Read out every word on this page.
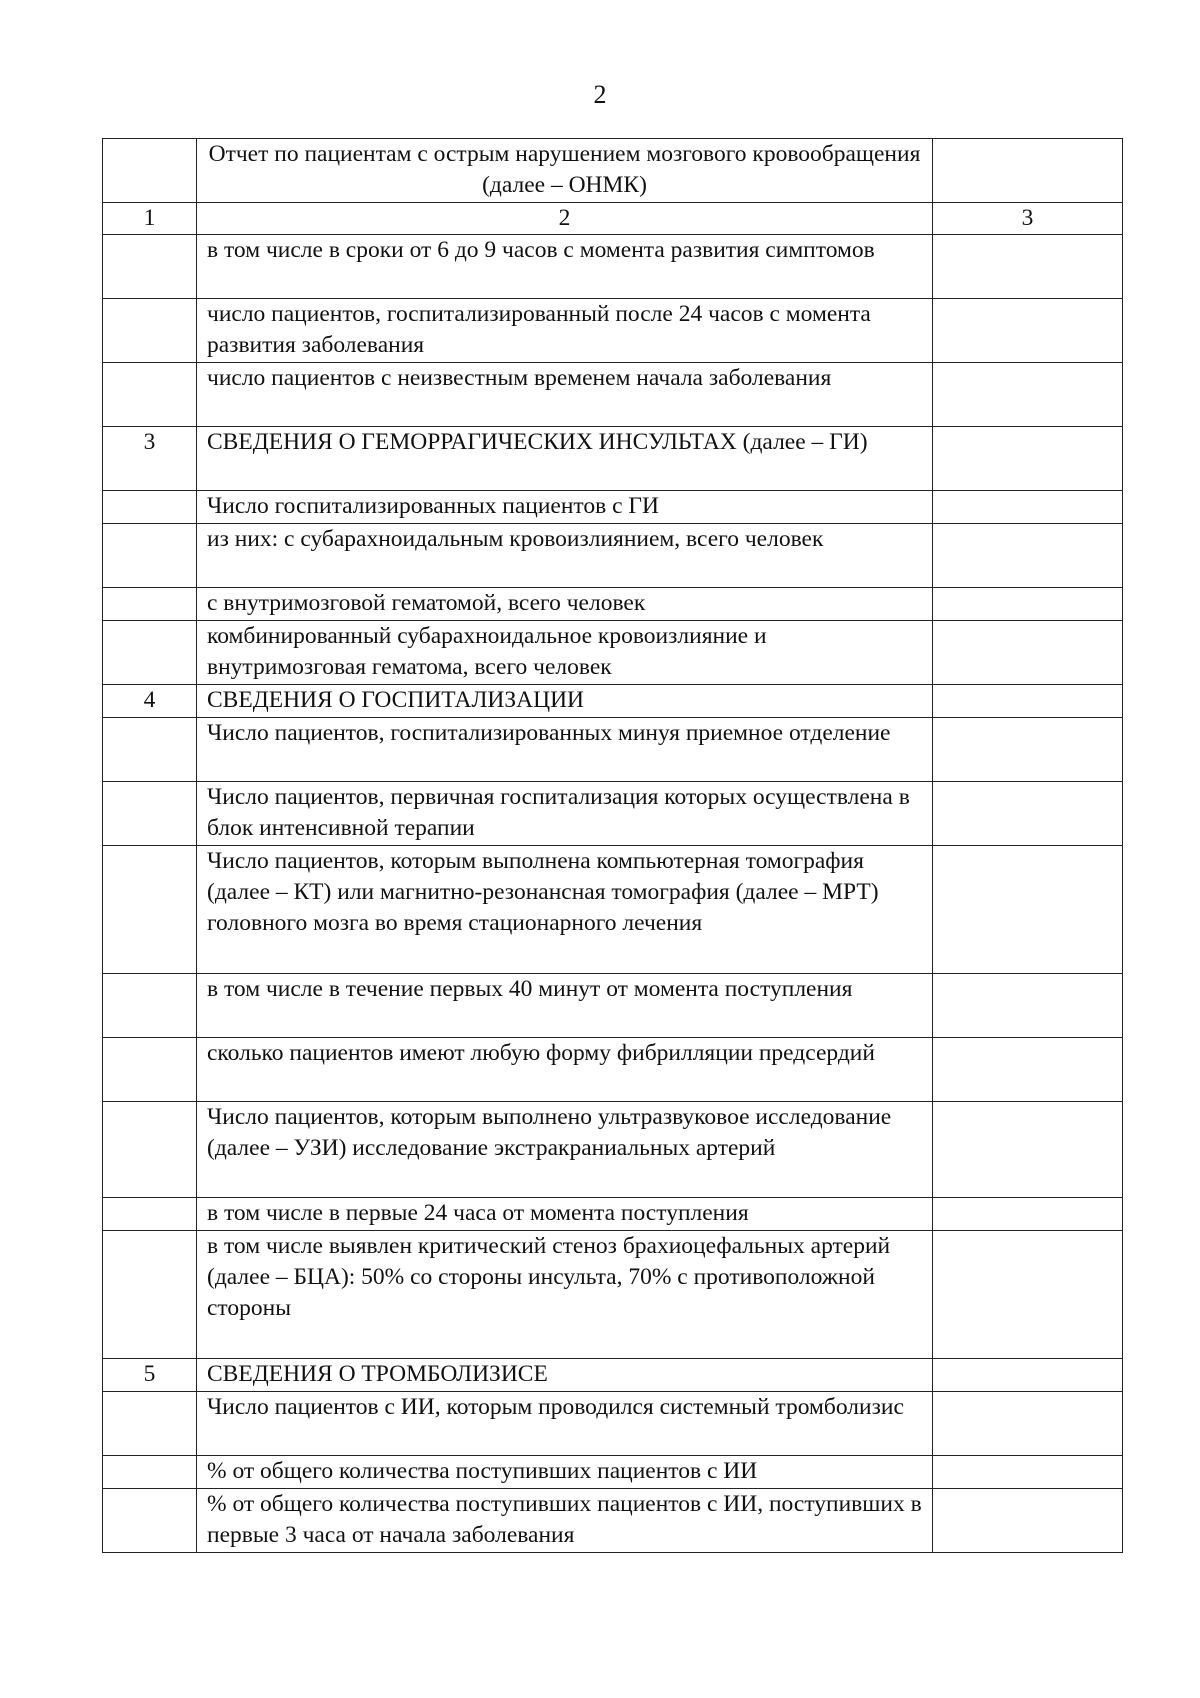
2
	Отчет по пациентам с острым нарушением мозгового кровообращения (далее – ОНМК)	
1	2	3
	в том числе в сроки от 6 до 9 часов с момента развития симптомов	
	число пациентов, госпитализированный после 24 часов с момента развития заболевания	
	число пациентов с неизвестным временем начала заболевания	
3	СВЕДЕНИЯ О ГЕМОРРАГИЧЕСКИХ ИНСУЛЬТАХ (далее – ГИ)	
	Число госпитализированных пациентов с ГИ	
	из них: с субарахноидальным кровоизлиянием, всего человек	
	с внутримозговой гематомой, всего человек	
	комбинированный субарахноидальное кровоизлияние и внутримозговая гематома, всего человек	
4	СВЕДЕНИЯ О ГОСПИТАЛИЗАЦИИ	
	Число пациентов, госпитализированных минуя приемное отделение	
	Число пациентов, первичная госпитализация которых осуществлена в блок интенсивной терапии	
	Число пациентов, которым выполнена компьютерная томография (далее – КТ) или магнитно-резонансная томография (далее – МРТ) головного мозга во время стационарного лечения	
	в том числе в течение первых 40 минут от момента поступления	
	сколько пациентов имеют любую форму фибрилляции предсердий	
	Число пациентов, которым выполнено ультразвуковое исследование (далее – УЗИ) исследование экстракраниальных артерий	
	в том числе в первые 24 часа от момента поступления	
	в том числе выявлен критический стеноз брахиоцефальных артерий (далее – БЦА): 50% со стороны инсульта, 70% с противоположной стороны	
5	СВЕДЕНИЯ О ТРОМБОЛИЗИСЕ	
	Число пациентов с ИИ, которым проводился системный тромболизис	
	% от общего количества поступивших пациентов с ИИ	
	% от общего количества поступивших пациентов с ИИ, поступивших в первые 3 часа от начала заболевания	
